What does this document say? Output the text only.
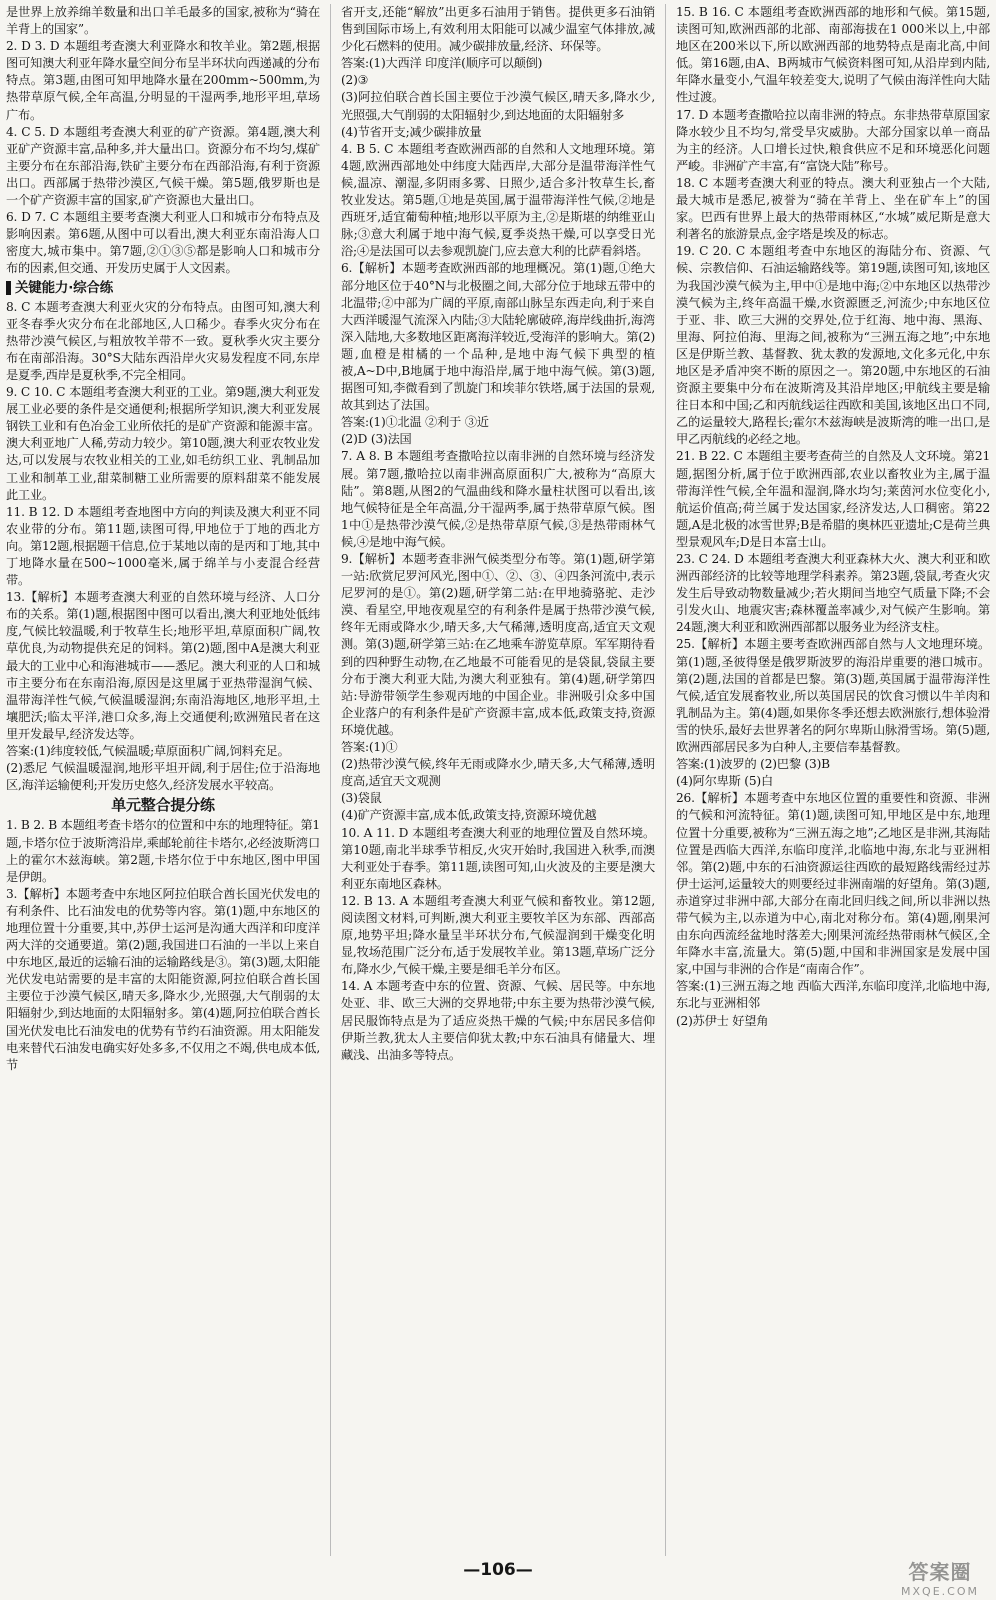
是世界上放养绵羊数量和出口羊毛最多的国家,被称为“骑在羊背上的国家”。

2. D 3. D 本题组考查澳大利亚降水和牧羊业。第2题,根据图可知澳大利亚年降水量空间分布呈半环状向西递减的分布特点。第3题,由图可知甲地降水量在200mm~500mm,为热带草原气候,全年高温,分明显的干湿两季,地形平坦,草场广布。

4. C 5. D 本题组考查澳大利亚的矿产资源。第4题,澳大利亚矿产资源丰富,品种多,并大量出口。资源分布不均匀,煤矿主要分布在东部沿海,铁矿主要分布在西部沿海,有利于资源出口。西部属于热带沙漠区,气候干燥。第5题,俄罗斯也是一个矿产资源丰富的国家,矿产资源也大量出口。

6. D 7. C 本题组主要考查澳大利亚人口和城市分布特点及影响因素。第6题,从图中可以看出,澳大利亚东南沿海人口密度大,城市集中。第7题,②①③⑤都是影响人口和城市分布的因素,但交通、开发历史属于人文因素。

关键能力·综合练

8. C 本题考查澳大利亚火灾的分布特点。由图可知,澳大利亚冬春季火灾分布在北部地区,人口稀少。春季火灾分布在热带沙漠气候区,与粗放牧羊带不一致。夏秋季火灾主要分布在南部沿海。30°S大陆东西沿岸火灾易发程度不同,东岸是夏季,西岸是夏秋季,不完全相同。

9. C 10. C 本题组考查澳大利亚的工业。第9题,澳大利亚发展工业必要的条件是交通便利;根据所学知识,澳大利亚发展钢铁工业和有色冶金工业所依托的是矿产资源和能源丰富。澳大利亚地广人稀,劳动力较少。第10题,澳大利亚农牧业发达,可以发展与农牧业相关的工业,如毛纺织工业、乳制品加工业和制革工业,甜菜制糖工业所需要的原料甜菜不能发展此工业。

11. B 12. D 本题组考查地图中方向的判读及澳大利亚不同农业带的分布。第11题,读图可得,甲地位于丁地的西北方向。第12题,根据题干信息,位于某地以南的是丙和丁地,其中丁地降水量在500~1000毫米,属于绵羊与小麦混合经营带。

13.【解析】本题考查澳大利亚的自然环境与经济、人口分布的关系。第(1)题,根据图中图可以看出,澳大利亚地处低纬度,气候比较温暖,利于牧草生长;地形平坦,草原面积广阔,牧草优良,为动物提供充足的饲料。第(2)题,图中A是澳大利亚最大的工业中心和海港城市——悉尼。澳大利亚的人口和城市主要分布在东南沿海,原因是这里属于亚热带湿润气候、温带海洋性气候,气候温暖湿润;东南沿海地区,地形平坦,土壤肥沃;临太平洋,港口众多,海上交通便利;欧洲殖民者在这里开发最早,经济发达等。

答案:(1)纬度较低,气候温暖;草原面积广阔,饲料充足。

(2)悉尼 气候温暖湿润,地形平坦开阔,利于居住;位于沿海地区,海洋运输便利;开发历史悠久,经济发展水平较高。

单元整合提分练

1. B 2. B 本题组考查卡塔尔的位置和中东的地理特征。第1题,卡塔尔位于波斯湾沿岸,乘邮轮前往卡塔尔,必经波斯湾口上的霍尔木兹海峡。第2题,卡塔尔位于中东地区,图中甲国是伊朗。

3.【解析】本题考查中东地区阿拉伯联合酋长国光伏发电的有利条件、比石油发电的优势等内容。第(1)题,中东地区的地理位置十分重要,其中,苏伊士运河是沟通大西洋和印度洋两大洋的交通要道。第(2)题,我国进口石油的一半以上来自中东地区,最近的运输石油的运输路线是③。第(3)题,太阳能光伏发电站需要的是丰富的太阳能资源,阿拉伯联合酋长国主要位于沙漠气候区,晴天多,降水少,光照强,大气削弱的太阳辐射少,到达地面的太阳辐射多。第(4)题,阿拉伯联合酋长国光伏发电比石油发电的优势有节约石油资源。用太阳能发电来替代石油发电确实好处多多,不仅用之不竭,供电成本低,节

省开支,还能“解放”出更多石油用于销售。提供更多石油销售到国际市场上,有效利用太阳能可以减少温室气体排放,减少化石燃料的使用。减少碳排放量,经济、环保等。

答案:(1)大西洋 印度洋(顺序可以颠倒)

(2)③

(3)阿拉伯联合酋长国主要位于沙漠气候区,晴天多,降水少,光照强,大气削弱的太阳辐射少,到达地面的太阳辐射多

(4)节省开支;减少碳排放量

4. B 5. C 本题组考查欧洲西部的自然和人文地理环境。第4题,欧洲西部地处中纬度大陆西岸,大部分是温带海洋性气候,温凉、潮湿,多阴雨多雾、日照少,适合多汁牧草生长,畜牧业发达。第5题,①地是英国,属于温带海洋性气候,②地是西班牙,适宜葡萄种植;地形以平原为主,②是斯堪的纳维亚山脉;③意大利属于地中海气候,夏季炎热干燥,可以享受日光浴;④是法国可以去参观凯旋门,应去意大利的比萨看斜塔。

6.【解析】本题考查欧洲西部的地理概况。第(1)题,①绝大部分地区位于40°N与北极圈之间,大部分位于地球五带中的北温带;②中部为广阔的平原,南部山脉呈东西走向,利于来自大西洋暖湿气流深入内陆;③大陆轮廓破碎,海岸线曲折,海湾深入陆地,大多数地区距离海洋较近,受海洋的影响大。第(2)题,血橙是柑橘的一个品种,是地中海气候下典型的植被,A~D中,B地属于地中海沿岸,属于地中海气候。第(3)题,据图可知,李微看到了凯旋门和埃菲尔铁塔,属于法国的景观,故其到达了法国。

答案:(1)①北温 ②利于 ③近

(2)D (3)法国

7. A 8. B 本题组考查撒哈拉以南非洲的自然环境与经济发展。第7题,撒哈拉以南非洲高原面积广大,被称为“高原大陆”。第8题,从图2的气温曲线和降水量柱状图可以看出,该地气候特征是全年高温,分干湿两季,属于热带草原气候。图1中①是热带沙漠气候,②是热带草原气候,③是热带雨林气候,④是地中海气候。

9.【解析】本题考查非洲气候类型分布等。第(1)题,研学第一站:欣赏尼罗河风光,图中①、②、③、④四条河流中,表示尼罗河的是①。第(2)题,研学第二站:在甲地骑骆驼、走沙漠、看星空,甲地夜观星空的有利条件是属于热带沙漠气候,终年无雨或降水少,晴天多,大气稀薄,透明度高,适宜天文观测。第(3)题,研学第三站:在乙地乘车游览草原。军军期待看到的四种野生动物,在乙地最不可能看见的是袋鼠,袋鼠主要分布于澳大利亚大陆,为澳大利亚独有。第(4)题,研学第四站:导游带领学生参观丙地的中国企业。非洲吸引众多中国企业落户的有利条件是矿产资源丰富,成本低,政策支持,资源环境优越。

答案:(1)①

(2)热带沙漠气候,终年无雨或降水少,晴天多,大气稀薄,透明度高,适宜天文观测

(3)袋鼠

(4)矿产资源丰富,成本低,政策支持,资源环境优越

10. A 11. D 本题组考查澳大利亚的地理位置及自然环境。第10题,南北半球季节相反,火灾开始时,我国进入秋季,而澳大利亚处于春季。第11题,读图可知,山火波及的主要是澳大利亚东南地区森林。

12. B 13. A 本题组考查澳大利亚气候和畜牧业。第12题,阅读图文材料,可判断,澳大利亚主要牧羊区为东部、西部高原,地势平坦;降水量呈半环状分布,气候湿润到干燥变化明显,牧场范围广泛分布,适于发展牧羊业。第13题,草场广泛分布,降水少,气候干燥,主要是细毛羊分布区。

14. A 本题考查中东的位置、资源、气候、居民等。中东地处亚、非、欧三大洲的交界地带;中东主要为热带沙漠气候,居民服饰特点是为了适应炎热干燥的气候;中东居民多信仰伊斯兰教,犹太人主要信仰犹太教;中东石油具有储量大、埋藏浅、出油多等特点。

15. B 16. C 本题组考查欧洲西部的地形和气候。第15题,读图可知,欧洲西部的北部、南部海拔在1 000米以上,中部地区在200米以下,所以欧洲西部的地势特点是南北高,中间低。第16题,由A、B两城市气候资料图可知,从沿岸到内陆,年降水量变小,气温年较差变大,说明了气候由海洋性向大陆性过渡。

17. D 本题考查撒哈拉以南非洲的特点。东非热带草原国家降水较少且不均匀,常受旱灾威胁。大部分国家以单一商品为主的经济。人口增长过快,粮食供应不足和环境恶化问题严峻。非洲矿产丰富,有“富饶大陆”称号。

18. C 本题考查澳大利亚的特点。澳大利亚独占一个大陆,最大城市是悉尼,被誉为“骑在羊背上、坐在矿车上”的国家。巴西有世界上最大的热带雨林区,“水城”威尼斯是意大利著名的旅游景点,金字塔是埃及的标志。

19. C 20. C 本题组考查中东地区的海陆分布、资源、气候、宗教信仰、石油运输路线等。第19题,读图可知,该地区为我国沙漠气候为主,甲中①是地中海;②中东地区以热带沙漠气候为主,终年高温干燥,水资源匮乏,河流少;中东地区位于亚、非、欧三大洲的交界处,位于红海、地中海、黑海、里海、阿拉伯海、里海之间,被称为“三洲五海之地”;中东地区是伊斯兰教、基督教、犹太教的发源地,文化多元化,中东地区是矛盾冲突不断的原因之一。第20题,中东地区的石油资源主要集中分布在波斯湾及其沿岸地区;甲航线主要是输往日本和中国;乙和丙航线运往西欧和美国,该地区出口不同,乙的运量较大,路程长;霍尔木兹海峡是波斯湾的唯一出口,是甲乙丙航线的必经之地。

21. B 22. C 本题组主要考查荷兰的自然及人文环境。第21题,据图分析,属于位于欧洲西部,农业以畜牧业为主,属于温带海洋性气候,全年温和湿润,降水均匀;莱茵河水位变化小,航运价值高;荷兰属于发达国家,经济发达,人口稠密。第22题,A是北极的冰雪世界;B是希腊的奥林匹亚遗址;C是荷兰典型景观风车;D是日本富士山。

23. C 24. D 本题组考查澳大利亚森林大火、澳大利亚和欧洲西部经济的比较等地理学科素养。第23题,袋鼠,考查火灾发生后导致动物数量减少;若火期间当地空气质量下降;不会引发火山、地震灾害;森林覆盖率减少,对气候产生影响。第24题,澳大利亚和欧洲西部都以服务业为经济支柱。

25.【解析】本题主要考查欧洲西部自然与人文地理环境。第(1)题,圣彼得堡是俄罗斯波罗的海沿岸重要的港口城市。第(2)题,法国的首都是巴黎。第(3)题,英国属于温带海洋性气候,适宜发展畜牧业,所以英国居民的饮食习惯以牛羊肉和乳制品为主。第(4)题,如果你冬季还想去欧洲旅行,想体验滑雪的快乐,最好去世界著名的阿尔卑斯山脉滑雪场。第(5)题,欧洲西部居民多为白种人,主要信奉基督教。

答案:(1)波罗的 (2)巴黎 (3)B

(4)阿尔卑斯 (5)白

26.【解析】本题考查中东地区位置的重要性和资源、非洲的气候和河流特征。第(1)题,读图可知,甲地区是中东,地理位置十分重要,被称为“三洲五海之地”;乙地区是非洲,其海陆位置是西临大西洋,东临印度洋,北临地中海,东北与亚洲相邻。第(2)题,中东的石油资源运往西欧的最短路线需经过苏伊士运河,运量较大的则要经过非洲南端的好望角。第(3)题,赤道穿过非洲中部,大部分在南北回归线之间,所以非洲以热带气候为主,以赤道为中心,南北对称分布。第(4)题,刚果河由东向西流经盆地时落差大;刚果河流经热带雨林气候区,全年降水丰富,流量大。第(5)题,中国和非洲国家是发展中国家,中国与非洲的合作是“南南合作”。

答案:(1)三洲五海之地 西临大西洋,东临印度洋,北临地中海,东北与亚洲相邻

(2)苏伊士 好望角

—106—	答案圈
MXQE.COM
